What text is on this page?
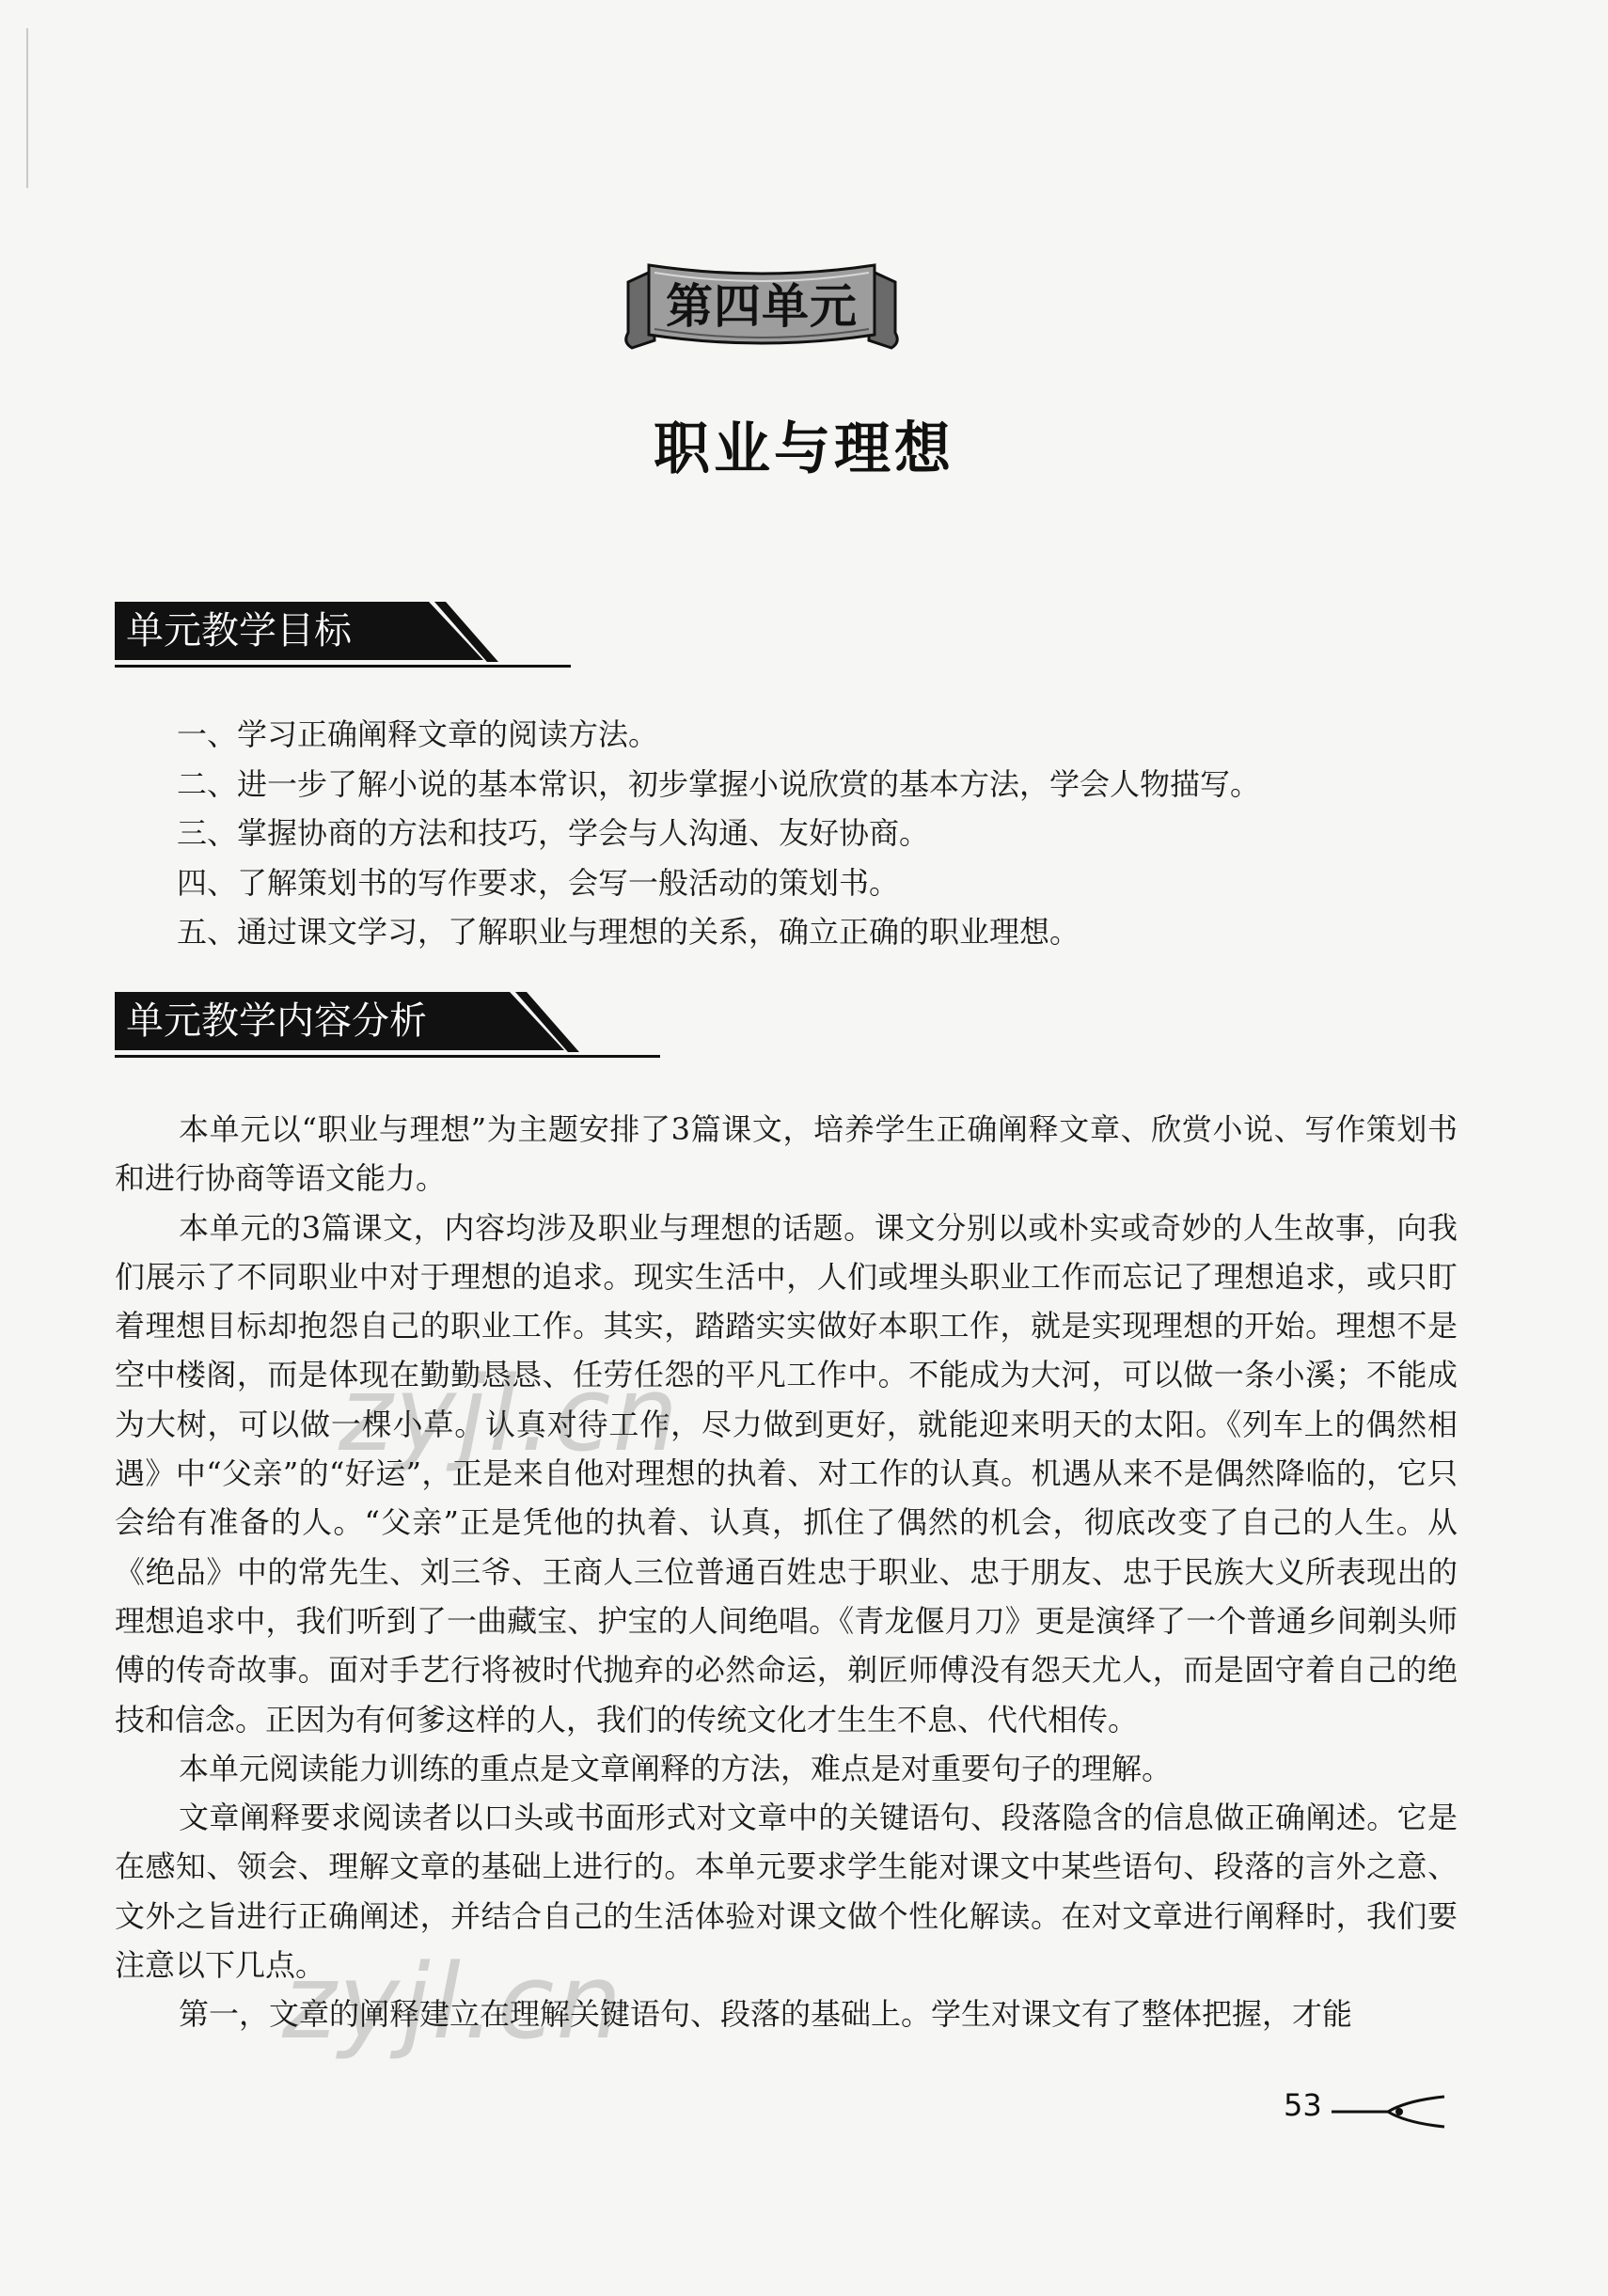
第四单元
职业与理想
单元教学目标
一、学习正确阐释文章的阅读方法。
二、进一步了解小说的基本常识，初步掌握小说欣赏的基本方法，学会人物描写。
三、掌握协商的方法和技巧，学会与人沟通、友好协商。
四、了解策划书的写作要求，会写一般活动的策划书。
五、通过课文学习，了解职业与理想的关系，确立正确的职业理想。
单元教学内容分析

本单元以“职业与理想”为主题安排了3篇课文，培养学生正确阐释文章、欣赏小说、写作策划书和进行协商等语文能力。

本单元的3篇课文，内容均涉及职业与理想的话题。课文分别以或朴实或奇妙的人生故事，向我们展示了不同职业中对于理想的追求。现实生活中，人们或埋头职业工作而忘记了理想追求，或只盯着理想目标却抱怨自己的职业工作。其实，踏踏实实做好本职工作，就是实现理想的开始。理想不是空中楼阁，而是体现在勤勤恳恳、任劳任怨的平凡工作中。不能成为大河，可以做一条小溪；不能成为大树，可以做一棵小草。认真对待工作，尽力做到更好，就能迎来明天的太阳。《列车上的偶然相遇》中“父亲”的“好运”，正是来自他对理想的执着、对工作的认真。机遇从来不是偶然降临的，它只会给有准备的人。“父亲”正是凭他的执着、认真，抓住了偶然的机会，彻底改变了自己的人生。从《绝品》中的常先生、刘三爷、王商人三位普通百姓忠于职业、忠于朋友、忠于民族大义所表现出的理想追求中，我们听到了一曲藏宝、护宝的人间绝唱。《青龙偃月刀》更是演绎了一个普通乡间剃头师傅的传奇故事。面对手艺行将被时代抛弃的必然命运，剃匠师傅没有怨天尤人，而是固守着自己的绝技和信念。正因为有何爹这样的人，我们的传统文化才生生不息、代代相传。

本单元阅读能力训练的重点是文章阐释的方法，难点是对重要句子的理解。

文章阐释要求阅读者以口头或书面形式对文章中的关键语句、段落隐含的信息做正确阐述。它是在感知、领会、理解文章的基础上进行的。本单元要求学生能对课文中某些语句、段落的言外之意、文外之旨进行正确阐述，并结合自己的生活体验对课文做个性化解读。在对文章进行阐释时，我们要注意以下几点。

第一，文章的阐释建立在理解关键语句、段落的基础上。学生对课文有了整体把握，才能

zyjl.cn
zyjl.cn
53
